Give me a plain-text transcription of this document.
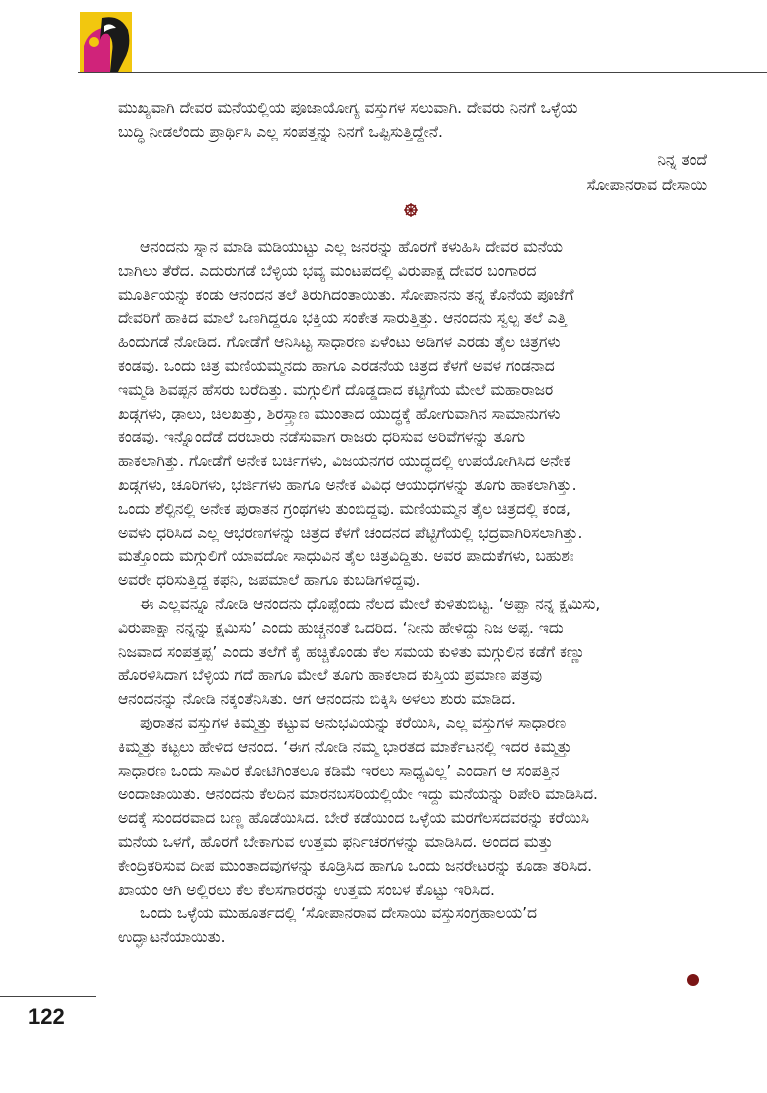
ಮುಖ್ಯವಾಗಿ ದೇವರ ಮನೆಯಲ್ಲಿಯ ಪೂಜಾಯೋಗ್ಯ ವಸ್ತುಗಳ ಸಲುವಾಗಿ. ದೇವರು ನಿನಗೆ ಒಳ್ಳೆಯ
ಬುದ್ಧಿ ನೀಡಲೆಂದು ಪ್ರಾರ್ಥಿಸಿ ಎಲ್ಲ ಸಂಪತ್ತನ್ನು ನಿನಗೆ ಒಪ್ಪಿಸುತ್ತಿದ್ದೇನೆ.
ನಿನ್ನ ತಂದೆ
ಸೋಪಾನರಾವ ದೇಸಾಯಿ
ಆನಂದನು ಸ್ನಾನ ಮಾಡಿ ಮಡಿಯುಟ್ಟು ಎಲ್ಲ ಜನರನ್ನು ಹೊರಗೆ ಕಳುಹಿಸಿ ದೇವರ ಮನೆಯ
ಬಾಗಿಲು ತೆರೆದ. ಎದುರುಗಡೆ ಬೆಳ್ಳಿಯ ಭವ್ಯ ಮಂಟಪದಲ್ಲಿ ವಿರುಪಾಕ್ಷ ದೇವರ ಬಂಗಾರದ
ಮೂರ್ತಿಯನ್ನು ಕಂಡು ಆನಂದನ ತಲೆ ತಿರುಗಿದಂತಾಯಿತು. ಸೋಪಾನನು ತನ್ನ ಕೊನೆಯ ಪೂಜೆಗೆ
ದೇವರಿಗೆ ಹಾಕಿದ ಮಾಲೆ ಒಣಗಿದ್ದರೂ ಭಕ್ತಿಯ ಸಂಕೇತ ಸಾರುತ್ತಿತ್ತು. ಆನಂದನು ಸ್ವಲ್ಪ ತಲೆ ಎತ್ತಿ
ಹಿಂದುಗಡೆ ನೋಡಿದ. ಗೋಡೆಗೆ ಆನಿಸಿಟ್ಟ ಸಾಧಾರಣ ಏಳೆಂಟು ಅಡಿಗಳ ಎರಡು ತೈಲ ಚಿತ್ರಗಳು
ಕಂಡವು. ಒಂದು ಚಿತ್ರ ಮಣಿಯಮ್ಮನದು ಹಾಗೂ ಎರಡನೆಯ ಚಿತ್ರದ ಕೆಳಗೆ ಅವಳ ಗಂಡನಾದ
ಇಮ್ಮಡಿ ಶಿವಪ್ಪನ ಹೆಸರು ಬರೆದಿತ್ತು. ಮಗ್ಗುಲಿಗೆ ದೊಡ್ಡದಾದ ಕಟ್ಟಿಗೆಯ ಮೇಲೆ ಮಹಾರಾಜರ
ಖಡ್ಗಗಳು, ಢಾಲು, ಚಿಲಖತ್ತು, ಶಿರಸ್ತ್ರಾಣ ಮುಂತಾದ ಯುದ್ಧಕ್ಕೆ ಹೋಗುವಾಗಿನ ಸಾಮಾನುಗಳು
ಕಂಡವು. ಇನ್ನೊಂದೆಡೆ ದರಬಾರು ನಡೆಸುವಾಗ ರಾಜರು ಧರಿಸುವ ಅರಿವೆಗಳನ್ನು ತೂಗು
ಹಾಕಲಾಗಿತ್ತು. ಗೋಡೆಗೆ ಅನೇಕ ಬರ್ಚಿಗಳು, ವಿಜಯನಗರ ಯುದ್ಧದಲ್ಲಿ ಉಪಯೋಗಿಸಿದ ಅನೇಕ
ಖಡ್ಗಗಳು, ಚೂರಿಗಳು, ಭರ್ಜಿಗಳು ಹಾಗೂ ಅನೇಕ ವಿವಿಧ ಆಯುಧಗಳನ್ನು ತೂಗು ಹಾಕಲಾಗಿತ್ತು.
ಒಂದು ಶೆಲ್ಪಿನಲ್ಲಿ ಅನೇಕ ಪುರಾತನ ಗ್ರಂಥಗಳು ತುಂಬಿದ್ದವು. ಮಣಿಯಮ್ಮನ ತೈಲ ಚಿತ್ರದಲ್ಲಿ ಕಂಡ,
ಅವಳು ಧರಿಸಿದ ಎಲ್ಲ ಆಭರಣಗಳನ್ನು ಚಿತ್ರದ ಕೆಳಗೆ ಚಂದನದ ಪೆಟ್ಟಿಗೆಯಲ್ಲಿ ಭದ್ರವಾಗಿರಿಸಲಾಗಿತ್ತು.
ಮತ್ತೊಂದು ಮಗ್ಗುಲಿಗೆ ಯಾವದೋ ಸಾಧುವಿನ ತೈಲ ಚಿತ್ರವಿದ್ದಿತು. ಅವರ ಪಾದುಕೆಗಳು, ಬಹುಶಃ
ಅವರೇ ಧರಿಸುತ್ತಿದ್ದ ಕಫನಿ, ಜಪಮಾಲೆ ಹಾಗೂ ಕುಬಡಿಗಳಿದ್ದವು.
ಈ ಎಲ್ಲವನ್ನೂ ನೋಡಿ ಆನಂದನು ಧೊಪ್ಪೆಂದು ನೆಲದ ಮೇಲೆ ಕುಳಿತುಬಿಟ್ಟ. ‘ಅಪ್ಪಾ ನನ್ನ ಕ್ಷಮಿಸು,
ವಿರುಪಾಕ್ಷಾ ನನ್ನನ್ನು ಕ್ಷಮಿಸು’ ಎಂದು ಹುಚ್ಚನಂತೆ ಒದರಿದ. ‘ನೀನು ಹೇಳಿದ್ದು ನಿಜ ಅಪ್ಪ. ಇದು
ನಿಜವಾದ ಸಂಪತ್ತಪ್ಪ’ ಎಂದು ತಲೆಗೆ ಕೈ ಹಚ್ಚಿಕೊಂಡು ಕೆಲ ಸಮಯ ಕುಳಿತು ಮಗ್ಗುಲಿನ ಕಡೆಗೆ ಕಣ್ಣು
ಹೊರಳಿಸಿದಾಗ ಬೆಳ್ಳಿಯ ಗದೆ ಹಾಗೂ ಮೇಲೆ ತೂಗು ಹಾಕಲಾದ ಕುಸ್ತಿಯ ಪ್ರಮಾಣ ಪತ್ರವು
ಆನಂದನನ್ನು ನೋಡಿ ನಕ್ಕಂತೆನಿಸಿತು. ಆಗ ಆನಂದನು ಬಿಕ್ಕಿಸಿ ಅಳಲು ಶುರು ಮಾಡಿದ.
ಪುರಾತನ ವಸ್ತುಗಳ ಕಿಮ್ಮತ್ತು ಕಟ್ಟುವ ಅನುಭವಿಯನ್ನು ಕರೆಯಿಸಿ, ಎಲ್ಲ ವಸ್ತುಗಳ ಸಾಧಾರಣ
ಕಿಮ್ಮತ್ತು ಕಟ್ಟಲು ಹೇಳಿದ ಆನಂದ. ‘ಈಗ ನೋಡಿ ನಮ್ಮ ಭಾರತದ ಮಾರ್ಕೆಟನಲ್ಲಿ ಇದರ ಕಿಮ್ಮತ್ತು
ಸಾಧಾರಣ ಒಂದು ಸಾವಿರ ಕೋಟಿಗಿಂತಲೂ ಕಡಿಮೆ ಇರಲು ಸಾಧ್ಯವಿಲ್ಲ’ ಎಂದಾಗ ಆ ಸಂಪತ್ತಿನ
ಅಂದಾಜಾಯಿತು. ಆನಂದನು ಕೆಲದಿನ ಮಾರನಬಸರಿಯಲ್ಲಿಯೇ ಇದ್ದು ಮನೆಯನ್ನು ರಿಪೇರಿ ಮಾಡಿಸಿದ.
ಅದಕ್ಕೆ ಸುಂದರವಾದ ಬಣ್ಣ ಹೊಡೆಯಿಸಿದ. ಬೇರೆ ಕಡೆಯಿಂದ ಒಳ್ಳೆಯ ಮರಗೆಲಸದವರನ್ನು ಕರೆಯಿಸಿ
ಮನೆಯ ಒಳಗೆ, ಹೊರಗೆ ಬೇಕಾಗುವ ಉತ್ತಮ ಫರ್ನಿಚರಗಳನ್ನು ಮಾಡಿಸಿದ. ಅಂದದ ಮತ್ತು
ಕೇಂದ್ರಿಕರಿಸುವ ದೀಪ ಮುಂತಾದವುಗಳನ್ನು ಕೂಡ್ರಿಸಿದ ಹಾಗೂ ಒಂದು ಜನರೇಟರನ್ನು ಕೂಡಾ ತರಿಸಿದ.
ಖಾಯಂ ಆಗಿ ಅಲ್ಲಿರಲು ಕೆಲ ಕೆಲಸಗಾರರನ್ನು ಉತ್ತಮ ಸಂಬಳ ಕೊಟ್ಟು ಇರಿಸಿದ.
ಒಂದು ಒಳ್ಳೆಯ ಮುಹೂರ್ತದಲ್ಲಿ ‘ಸೋಪಾನರಾವ ದೇಸಾಯಿ ವಸ್ತುಸಂಗ್ರಹಾಲಯ’ದ
ಉದ್ಘಾಟನೆಯಾಯಿತು.
122
